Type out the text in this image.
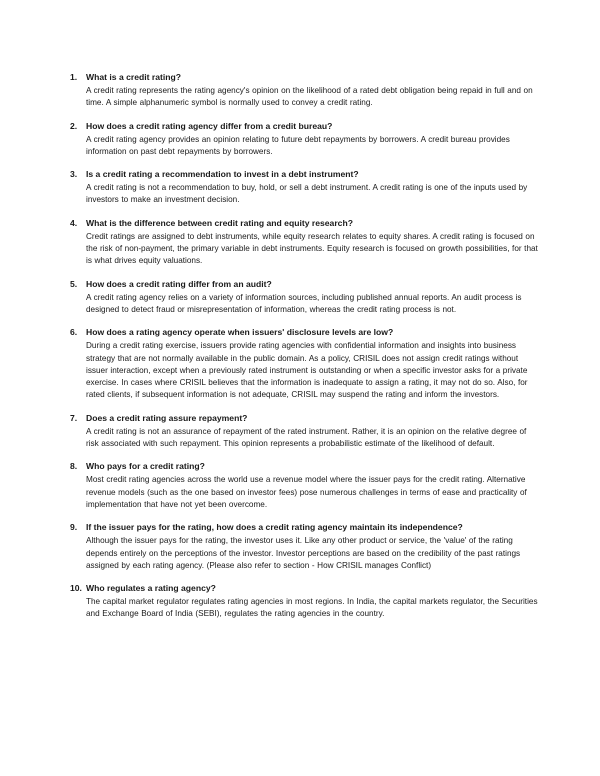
1.	What is a credit rating?
A credit rating represents the rating agency's opinion on the likelihood of a rated debt obligation being repaid in full and on time. A simple alphanumeric symbol is normally used to convey a credit rating.
2.	How does a credit rating agency differ from a credit bureau?
A credit rating agency provides an opinion relating to future debt repayments by borrowers. A credit bureau provides information on past debt repayments by borrowers.
3.	Is a credit rating a recommendation to invest in a debt instrument?
A credit rating is not a recommendation to buy, hold, or sell a debt instrument. A credit rating is one of the inputs used by investors to make an investment decision.
4.	What is the difference between credit rating and equity research?
Credit ratings are assigned to debt instruments, while equity research relates to equity shares. A credit rating is focused on the risk of non-payment, the primary variable in debt instruments. Equity research is focused on growth possibilities, for that is what drives equity valuations.
5.	How does a credit rating differ from an audit?
A credit rating agency relies on a variety of information sources, including published annual reports. An audit process is designed to detect fraud or misrepresentation of information, whereas the credit rating process is not.
6.	How does a rating agency operate when issuers' disclosure levels are low?
During a credit rating exercise, issuers provide rating agencies with confidential information and insights into business strategy that are not normally available in the public domain. As a policy, CRISIL does not assign credit ratings without issuer interaction, except when a previously rated instrument is outstanding or when a specific investor asks for a private exercise. In cases where CRISIL believes that the information is inadequate to assign a rating, it may not do so. Also, for rated clients, if subsequent information is not adequate, CRISIL may suspend the rating and inform the investors.
7.	Does a credit rating assure repayment?
A credit rating is not an assurance of repayment of the rated instrument. Rather, it is an opinion on the relative degree of risk associated with such repayment. This opinion represents a probabilistic estimate of the likelihood of default.
8.	Who pays for a credit rating?
Most credit rating agencies across the world use a revenue model where the issuer pays for the credit rating. Alternative revenue models (such as the one based on investor fees) pose numerous challenges in terms of ease and practicality of implementation that have not yet been overcome.
9.	If the issuer pays for the rating, how does a credit rating agency maintain its independence?
Although the issuer pays for the rating, the investor uses it. Like any other product or service, the 'value' of the rating depends entirely on the perceptions of the investor. Investor perceptions are based on the credibility of the past ratings assigned by each rating agency. (Please also refer to section - How CRISIL manages Conflict)
10. Who regulates a rating agency?
The capital market regulator regulates rating agencies in most regions. In India, the capital markets regulator, the Securities and Exchange Board of India (SEBI), regulates the rating agencies in the country.
